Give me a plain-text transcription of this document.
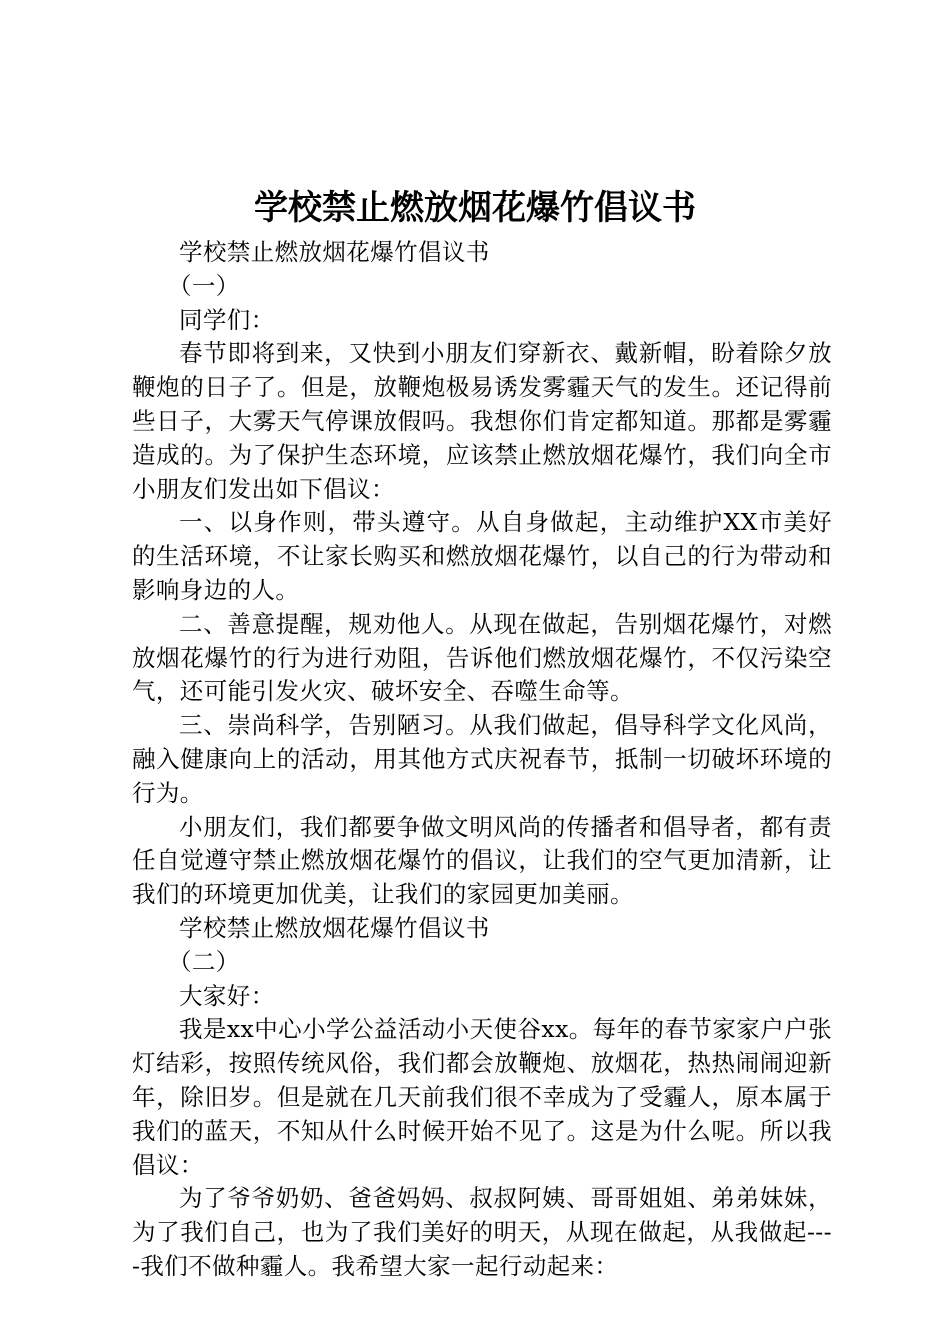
学校禁止燃放烟花爆竹倡议书

学校禁止燃放烟花爆竹倡议书

（一）

同学们：

春节即将到来，又快到小朋友们穿新衣、戴新帽，盼着除夕放鞭炮的日子了。但是，放鞭炮极易诱发雾霾天气的发生。还记得前些日子，大雾天气停课放假吗。我想你们肯定都知道。那都是雾霾造成的。为了保护生态环境，应该禁止燃放烟花爆竹，我们向全市小朋友们发出如下倡议：

一、以身作则，带头遵守。从自身做起，主动维护XX市美好的生活环境，不让家长购买和燃放烟花爆竹，以自己的行为带动和影响身边的人。

二、善意提醒，规劝他人。从现在做起，告别烟花爆竹，对燃放烟花爆竹的行为进行劝阻，告诉他们燃放烟花爆竹，不仅污染空气，还可能引发火灾、破坏安全、吞噬生命等。

三、崇尚科学，告别陋习。从我们做起，倡导科学文化风尚，融入健康向上的活动，用其他方式庆祝春节，抵制一切破坏环境的行为。

小朋友们，我们都要争做文明风尚的传播者和倡导者，都有责任自觉遵守禁止燃放烟花爆竹的倡议，让我们的空气更加清新，让我们的环境更加优美，让我们的家园更加美丽。

学校禁止燃放烟花爆竹倡议书

（二）

大家好：

我是xx中心小学公益活动小天使谷xx。每年的春节家家户户张灯结彩，按照传统风俗，我们都会放鞭炮、放烟花，热热闹闹迎新年，除旧岁。但是就在几天前我们很不幸成为了受霾人，原本属于我们的蓝天，不知从什么时候开始不见了。这是为什么呢。所以我倡议：

为了爷爷奶奶、爸爸妈妈、叔叔阿姨、哥哥姐姐、弟弟妹妹，为了我们自己，也为了我们美好的明天，从现在做起，从我做起----我们不做种霾人。我希望大家一起行动起来：
